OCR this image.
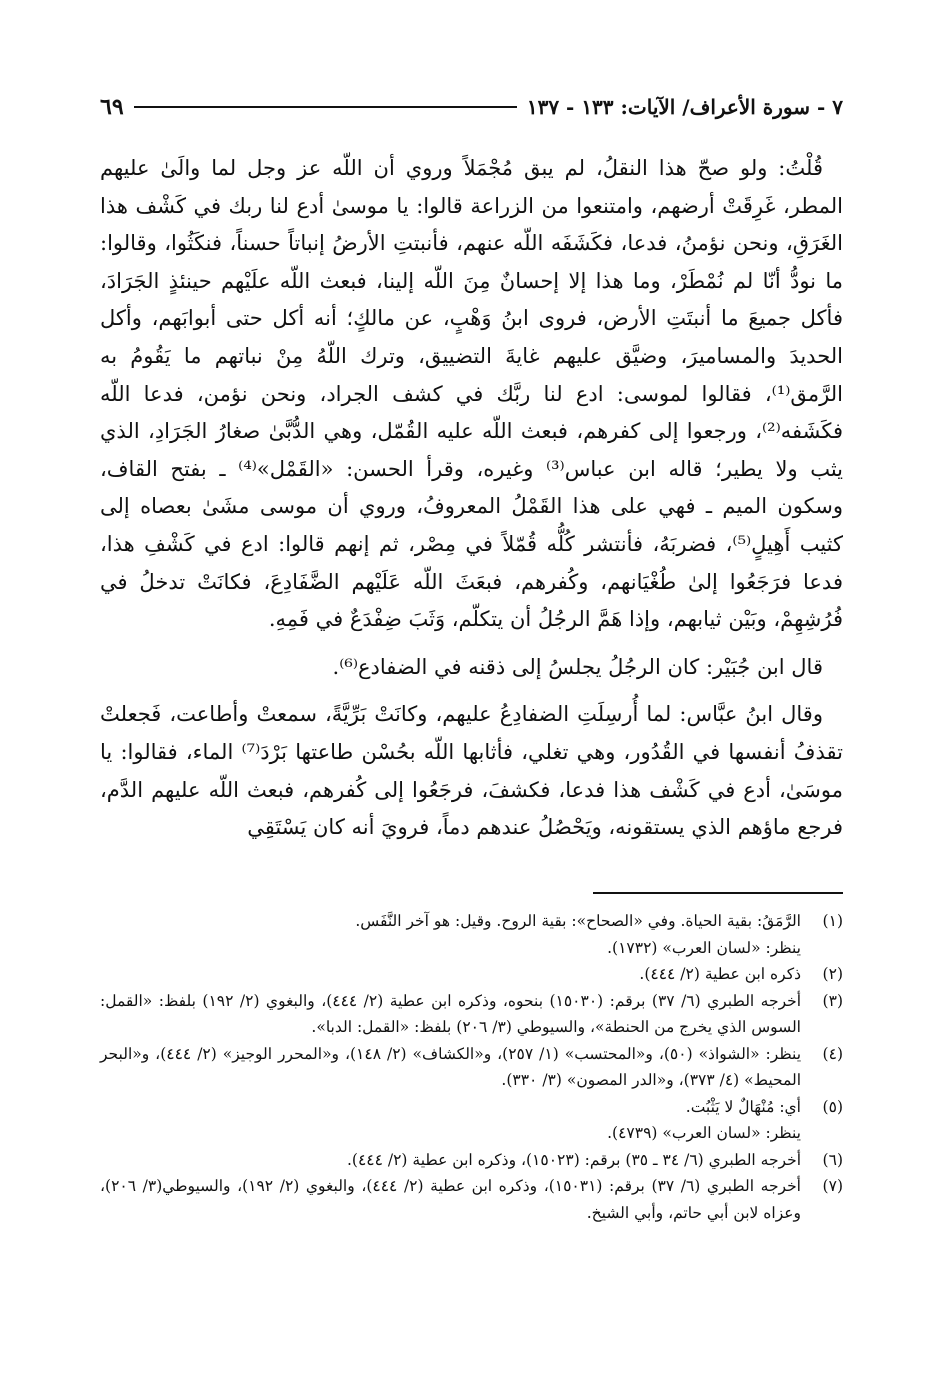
٧ - سورة الأعراف/ الآيات: ١٣٣ - ١٣٧
٦٩

قُلْتُ: ولو صحّ هذا النقلُ، لم يبق مُجْمَلاً وروي أن اللّه عز وجل لما والَىٰ عليهم المطر، غَرِقَتْ أرضهم، وامتنعوا من الزراعة قالوا: يا موسىٰ أدع لنا ربك في كَشْف هذا الغَرَقِ، ونحن نؤمنُ، فدعا، فكَشَفَه اللّه عنهم، فأنبتتِ الأرضُ إنباتاً حسناً، فنكَثُوا، وقالوا: ما نودُّ أنّا لم نُمْطَرْ، وما هذا إلا إحسانٌ مِنَ اللّه إلينا، فبعث اللّه علَيْهم حينئذٍ الجَرَادَ، فأكل جميعَ ما أنبتَتِ الأرض، فروى ابنُ وَهْبٍ، عن مالكٍ؛ أنه أكل حتى أبوابَهم، وأكل الحديدَ والمساميرَ، وضيَّق عليهم غايةَ التضييق، وترك اللّهُ مِنْ نباتهم ما يَقُومُ به الرَّمق⁽¹⁾، فقالوا لموسى: ادع لنا ربَّك في كشف الجراد، ونحن نؤمن، فدعا اللّه فكَشَفه⁽²⁾، ورجعوا إلى كفرهم، فبعث اللّه عليه القُمّل، وهي الدُّبَّىٰ صغارُ الجَرَادِ، الذي يثب ولا يطير؛ قاله ابن عباس⁽³⁾ وغيره، وقرأ الحسن: «القَمْل»⁽⁴⁾ ـ بفتح القاف، وسكون الميم ـ فهي على هذا القَمْلُ المعروفُ، وروي أن موسى مشَىٰ بعصاه إلى كثيب أَهِيلٍ⁽⁵⁾، فضربَهُ، فأنتشر كُلُّه قُمّلاً في مِصْر، ثم إنهم قالوا: ادع في كَشْفِ هذا، فدعا فرَجَعُوا إلىٰ طُغْيَانهم، وكُفرهم، فبعَثَ اللّه عَلَيْهم الضَّفَادِعَ، فكانَتْ تدخلُ في فُرُشِهِمْ، وبَيْن ثيابهم، وإذا هَمَّ الرجُلُ أن يتكلّم، وَثَبَ ضِفْدَعٌ في فَمِهِ.

قال ابن جُبَيْر: كان الرجُلُ يجلسُ إلى ذقنه في الضفادع⁽⁶⁾.

وقال ابنُ عبَّاس: لما أُرسِلَتِ الضفادِعُ عليهم، وكانَتْ بَرِّيَّةً، سمعتْ وأطاعت، فَجعلتْ تقذفُ أنفسها في القُدُور، وهي تغلي، فأثابها اللّه بحُسْن طاعتها بَرْدَ⁽⁷⁾ الماء، فقالوا: يا موسَىٰ، أدع في كَشْف هذا فدعا، فكشفَ، فرجَعُوا إلى كُفرهم، فبعث اللّه عليهم الدَّم، فرجع ماؤهم الذي يستقونه، ويَحْصُلُ عندهم دماً، فرويَ أنه كان يَسْتَقِي

(١)
الرَّمَقُ: بقية الحياة. وفي «الصحاح»: بقية الروح. وقيل: هو آخر النَّفَس.
ينظر: «لسان العرب» (١٧٣٢).
(٢)
ذكره ابن عطية (٢/ ٤٤٤).
(٣)
أخرجه الطبري (٦/ ٣٧) برقم: (١٥٠٣٠) بنحوه، وذكره ابن عطية (٢/ ٤٤٤)، والبغوي (٢/ ١٩٢) بلفظ: «القمل: السوس الذي يخرج من الحنطة»، والسيوطي (٣/ ٢٠٦) بلفظ: «القمل: الدبا».
(٤)
ينظر: «الشواذ» (٥٠)، و«المحتسب» (١/ ٢٥٧)، و«الكشاف» (٢/ ١٤٨)، و«المحرر الوجيز» (٢/ ٤٤٤)، و«البحر المحيط» (٤/ ٣٧٣)، و«الدر المصون» (٣/ ٣٣٠).
(٥)
أي: مُنْهَالٌ لا يَثْبُت.
ينظر: «لسان العرب» (٤٧٣٩).
(٦)
أخرجه الطبري (٦/ ٣٤ ـ ٣٥) برقم: (١٥٠٢٣)، وذكره ابن عطية (٢/ ٤٤٤).
(٧)
أخرجه الطبري (٦/ ٣٧) برقم: (١٥٠٣١)، وذكره ابن عطية (٢/ ٤٤٤)، والبغوي (٢/ ١٩٢)، والسيوطي(٣/ ٢٠٦)، وعزاه لابن أبي حاتم، وأبي الشيخ.
